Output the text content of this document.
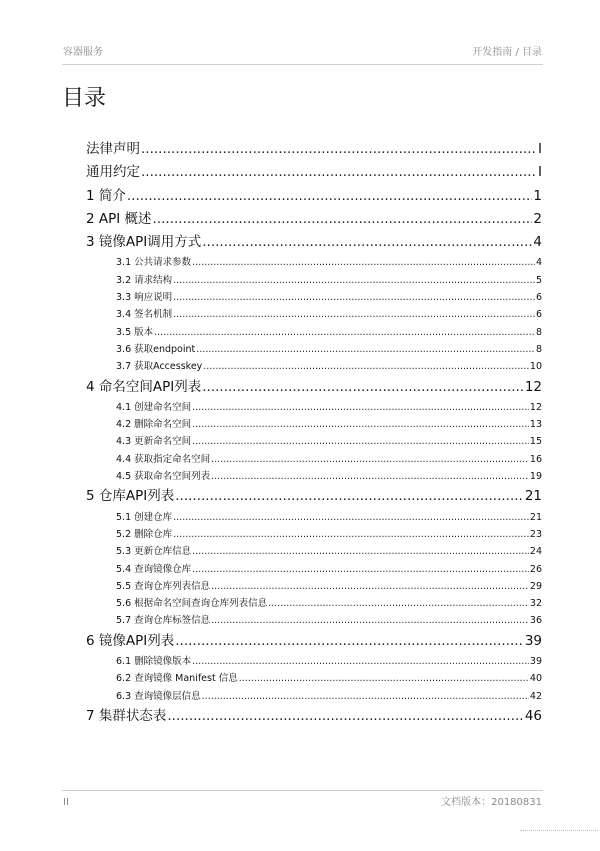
容器服务	开发指南 / 目录
目录
法律声明 .....	I
通用约定 .....	I
1 简介 .....	1
2 API 概述 .....	2
3 镜像API调用方式 .....	4
3.1 公共请求参数 .....	4
3.2 请求结构 .....	5
3.3 响应说明 .....	6
3.4 签名机制 .....	6
3.5 版本 .....	8
3.6 获取endpoint .....	8
3.7 获取Accesskey .....	10
4 命名空间API列表 .....	12
4.1 创建命名空间 .....	12
4.2 删除命名空间 .....	13
4.3 更新命名空间 .....	15
4.4 获取指定命名空间 .....	16
4.5 获取命名空间列表 .....	19
5 仓库API列表 .....	21
5.1 创建仓库 .....	21
5.2 删除仓库 .....	23
5.3 更新仓库信息 .....	24
5.4 查询镜像仓库 .....	26
5.5 查询仓库列表信息 .....	29
5.6 根据命名空间查询仓库列表信息 .....	32
5.7 查询仓库标签信息 .....	36
6 镜像API列表 .....	39
6.1 删除镜像版本 .....	39
6.2 查询镜像 Manifest 信息 .....	40
6.3 查询镜像层信息 .....	42
7 集群状态表 .....	46
II	文档版本：20180831
